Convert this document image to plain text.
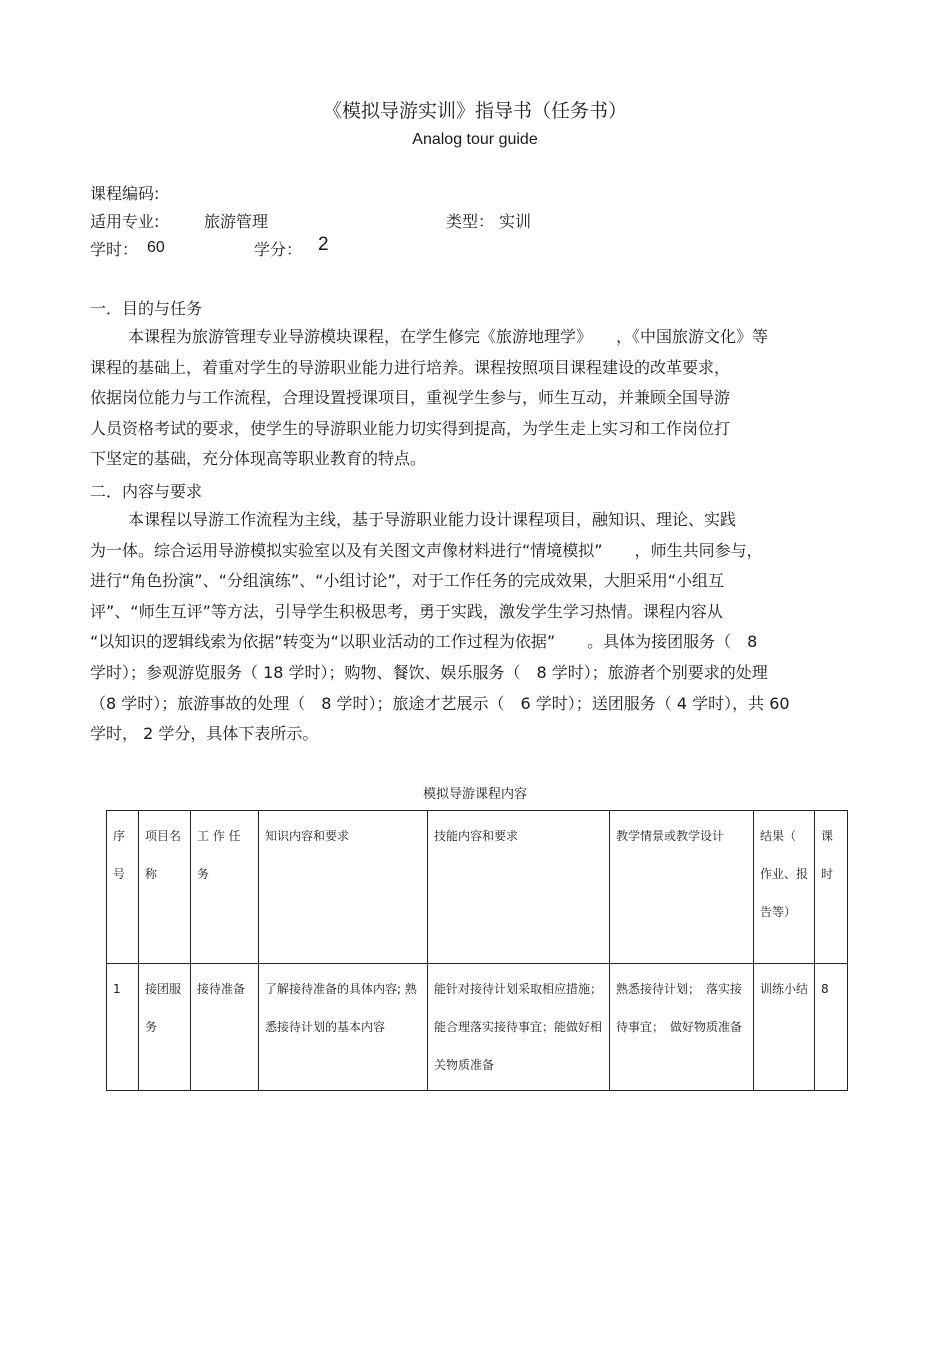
《模拟导游实训》指导书（任务书）
Analog tour guide
课程编码:
适用专业:	旅游管理	类型： 实训
学时： 60	学分： 2
一．目的与任务
本课程为旅游管理专业导游模块课程，在学生修完《旅游地理学》　　，《中国旅游文化》等
课程的基础上，着重对学生的导游职业能力进行培养。课程按照项目课程建设的改革要求，
依据岗位能力与工作流程，合理设置授课项目，重视学生参与，师生互动，并兼顾全国导游
人员资格考试的要求，使学生的导游职业能力切实得到提高，为学生走上实习和工作岗位打
下坚定的基础，充分体现高等职业教育的特点。
二．内容与要求
本课程以导游工作流程为主线，基于导游职业能力设计课程项目，融知识、理论、实践
为一体。综合运用导游模拟实验室以及有关图文声像材料进行“情境模拟”　　，师生共同参与，
进行“角色扮演”、“分组演练”、“小组讨论”，对于工作任务的完成效果，大胆采用“小组互
评”、“师生互评”等方法，引导学生积极思考，勇于实践，激发学生学习热情。课程内容从
“以知识的逻辑线索为依据”转变为“以职业活动的工作过程为依据”　　。具体为接团服务（　8
学时）；参观游览服务（ 18 学时）；购物、餐饮、娱乐服务（　8 学时）；旅游者个别要求的处理
（8 学时）；旅游事故的处理（　8 学时）；旅途才艺展示（　6 学时）；送团服务（ 4 学时），共 60
学时， 2 学分，具体下表所示。
模拟导游课程内容
序号	项目名称	工 作 任 务	知识内容和要求	技能内容和要求	教学情景或教学设计	结果（ 作业、报告等）	课时
1	接团服务	接待准备	了解接待准备的具体内容; 熟悉接待计划的基本内容	能针对接待计划采取相应措施；能合理落实接待事宜；能做好相关物质准备	熟悉接待计划；　落实接待事宜；　做好物质准备	训练小结	8
